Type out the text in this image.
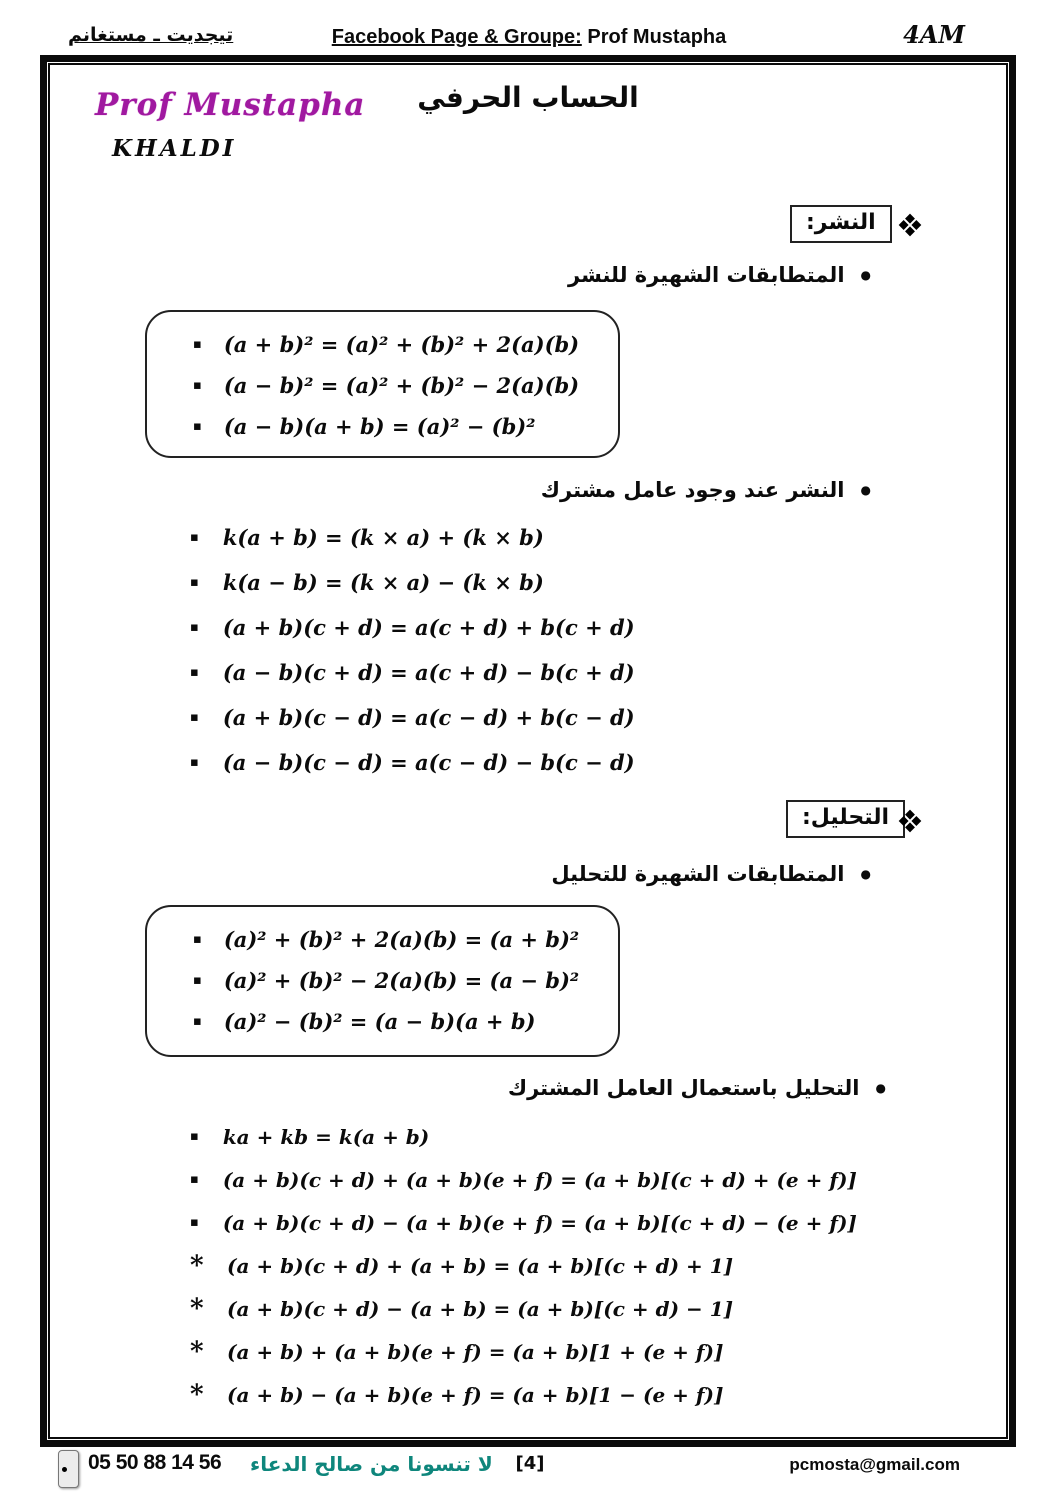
تيجديت ـ مستغانم	Facebook Page & Groupe: Prof Mustapha	4AM
Prof Mustapha
KHALDI
الحساب الحرفي
النشر:
●
المتطابقات الشهيرة للنشر
▪ (a + b)² = (a)² + (b)² + 2(a)(b)
▪ (a − b)² = (a)² + (b)² − 2(a)(b)
▪ (a − b)(a + b) = (a)² − (b)²
●
النشر عند وجود عامل مشترك
▪ k(a + b) = (k × a) + (k × b)
▪ k(a − b) = (k × a) − (k × b)
▪ (a + b)(c + d) = a(c + d) + b(c + d)
▪ (a − b)(c + d) = a(c + d) − b(c + d)
▪ (a + b)(c − d) = a(c − d) + b(c − d)
▪ (a − b)(c − d) = a(c − d) − b(c − d)
التحليل:
●
المتطابقات الشهيرة للتحليل
▪ (a)² + (b)² + 2(a)(b) = (a + b)²
▪ (a)² + (b)² − 2(a)(b) = (a − b)²
▪ (a)² − (b)² = (a − b)(a + b)
●
التحليل باستعمال العامل المشترك
▪ ka + kb = k(a + b)
▪ (a + b)(c + d) + (a + b)(e + f) = (a + b)[(c + d) + (e + f)]
▪ (a + b)(c + d) − (a + b)(e + f) = (a + b)[(c + d) − (e + f)]
* (a + b)(c + d) + (a + b) = (a + b)[(c + d) + 1]
* (a + b)(c + d) − (a + b) = (a + b)[(c + d) − 1]
* (a + b) + (a + b)(e + f) = (a + b)[1 + (e + f)]
* (a + b) − (a + b)(e + f) = (a + b)[1 − (e + f)]
05 50 88 14 56 لا تنسونا من صالح الدعاء	[4]	pcmosta@gmail.com
